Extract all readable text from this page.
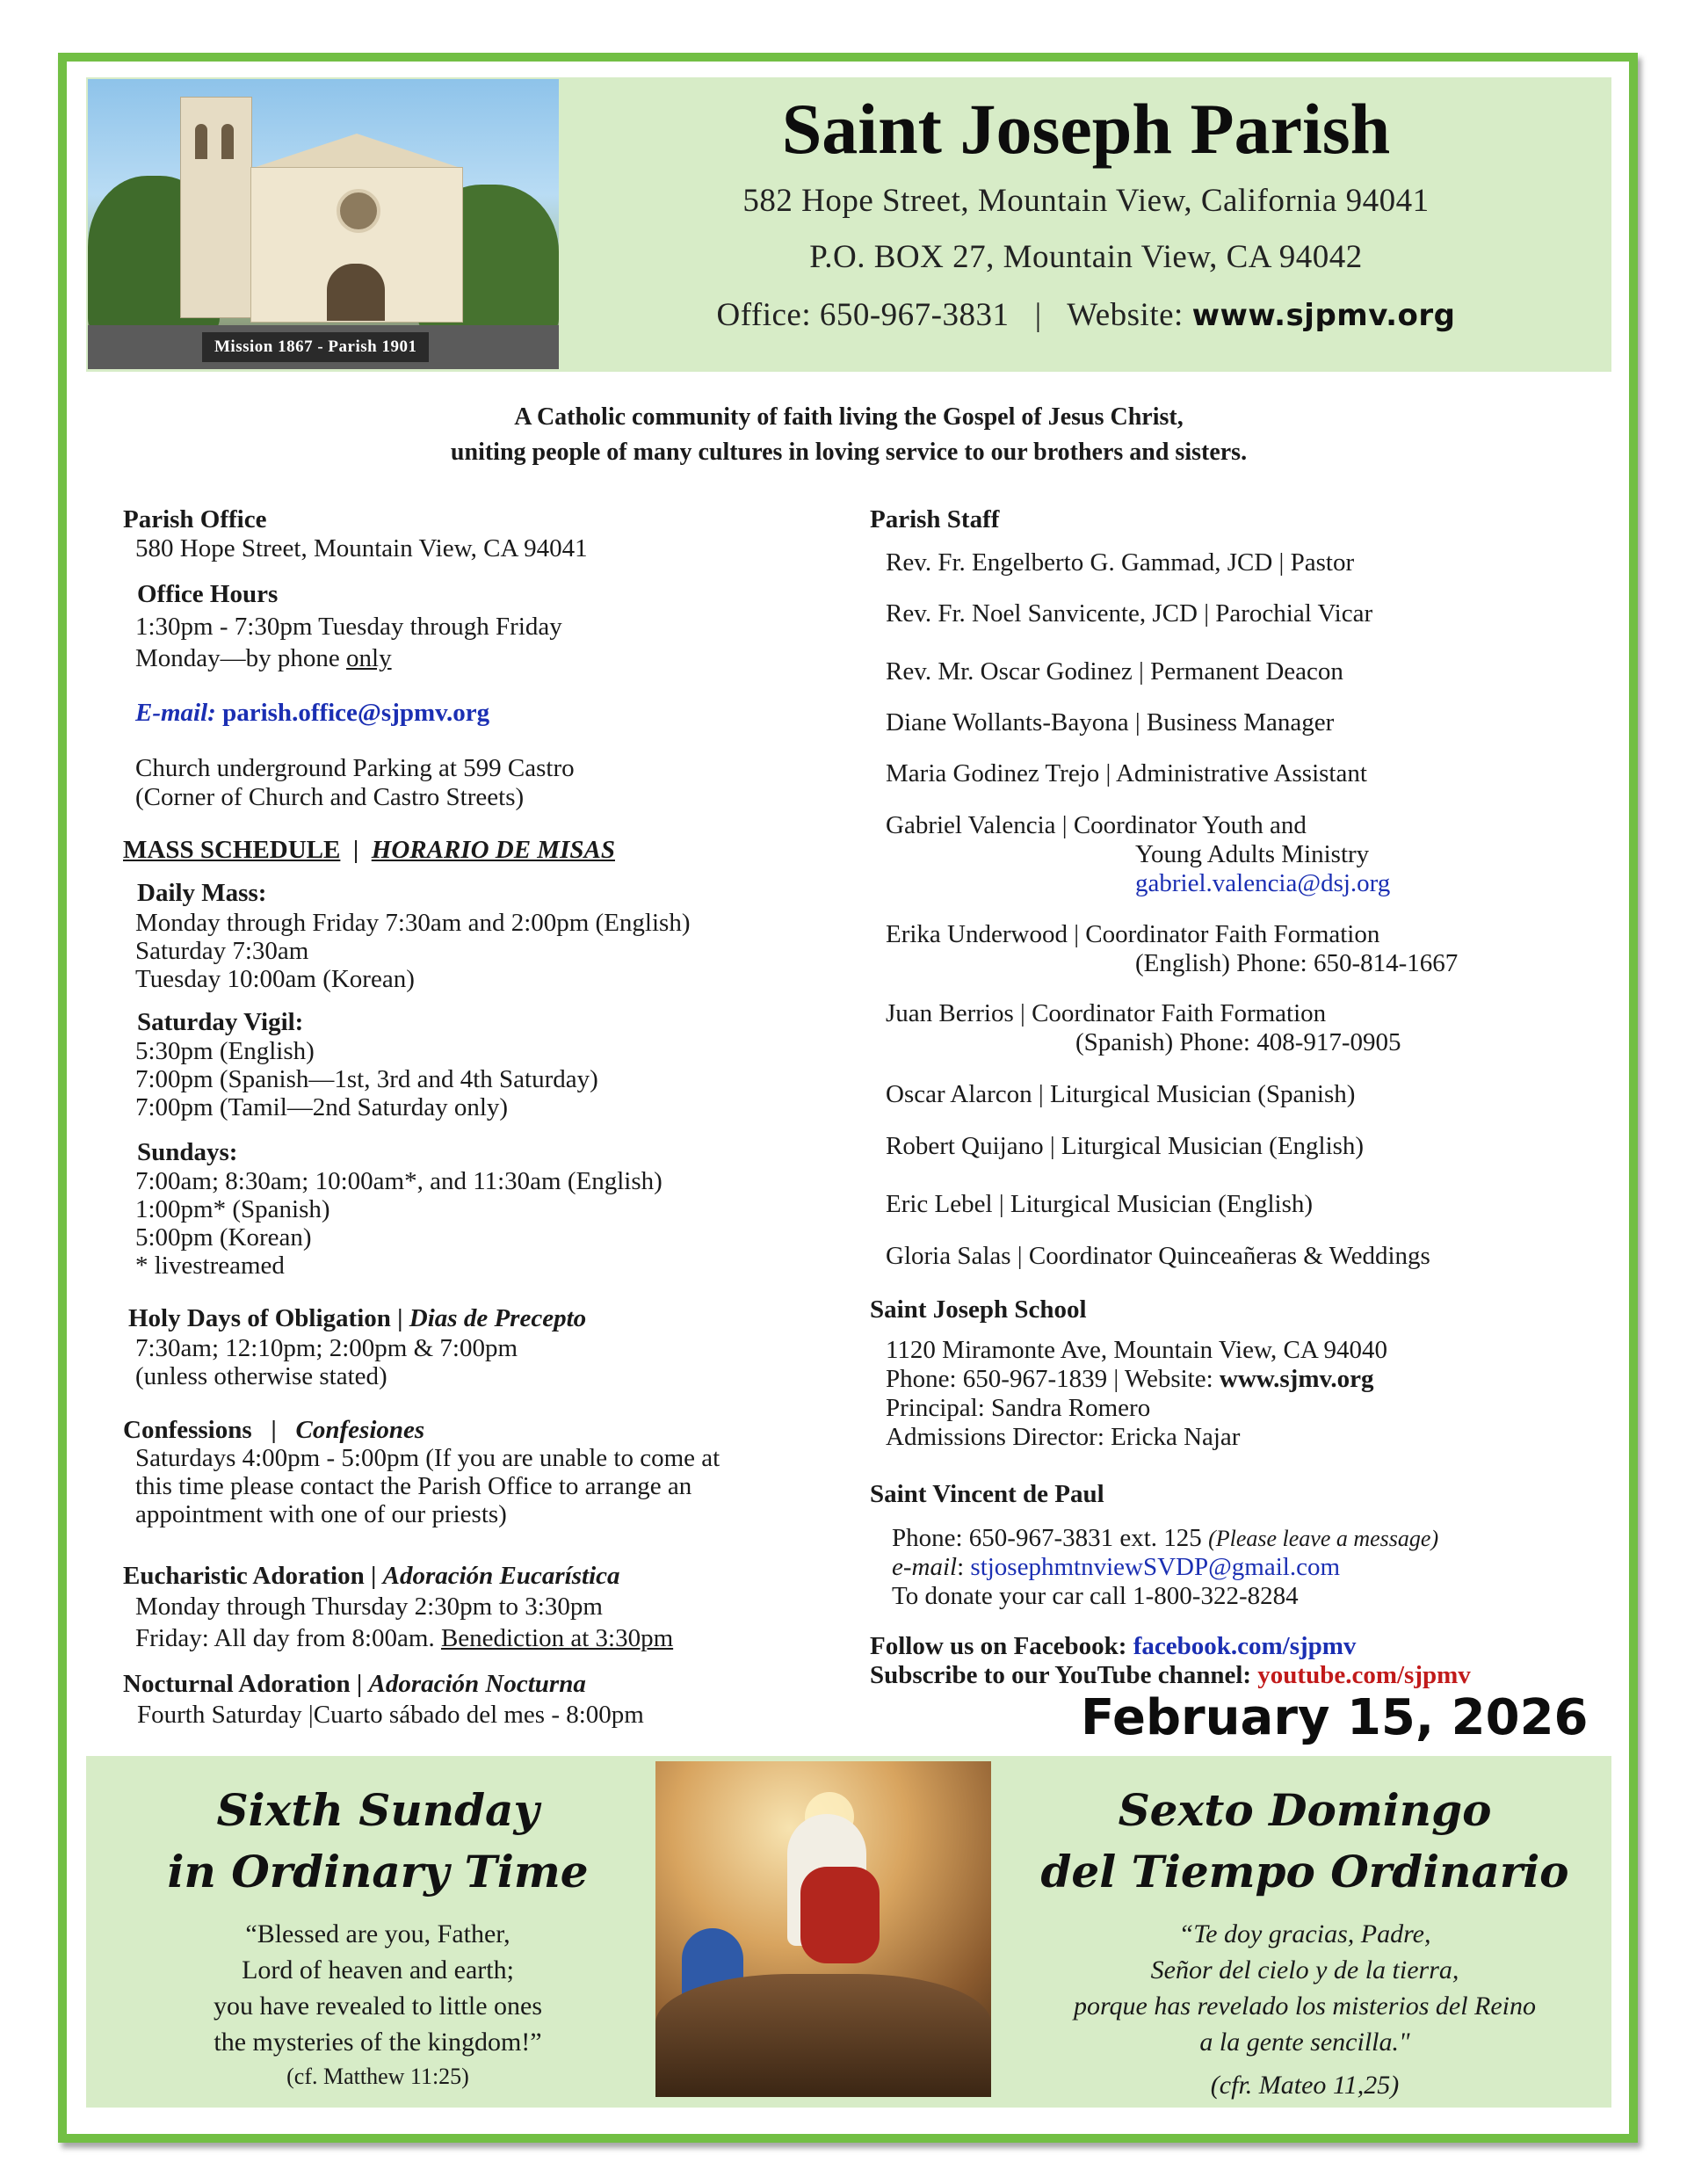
Mission 1867 - Parish 1901
Saint Joseph Parish
582 Hope Street, Mountain View, California 94041
P.O. BOX 27, Mountain View, CA 94042
Office: 650-967-3831 | Website: www.sjpmv.org
A Catholic community of faith living the Gospel of Jesus Christ,
uniting people of many cultures in loving service to our brothers and sisters.
Parish Office
580 Hope Street, Mountain View, CA 94041
Office Hours
1:30pm - 7:30pm Tuesday through Friday
Monday—by phone only
E-mail: parish.office@sjpmv.org
Church underground Parking at 599 Castro
(Corner of Church and Castro Streets)
MASS SCHEDULE | HORARIO DE MISAS
Daily Mass:
Monday through Friday 7:30am and 2:00pm (English)
Saturday 7:30am
Tuesday 10:00am (Korean)
Saturday Vigil:
5:30pm (English)
7:00pm (Spanish—1st, 3rd and 4th Saturday)
7:00pm (Tamil—2nd Saturday only)
Sundays:
7:00am; 8:30am; 10:00am*, and 11:30am (English)
1:00pm* (Spanish)
5:00pm (Korean)
* livestreamed
Holy Days of Obligation | Dias de Precepto
7:30am; 12:10pm; 2:00pm & 7:00pm
(unless otherwise stated)
Confessions | Confesiones
Saturdays 4:00pm - 5:00pm (If you are unable to come at
this time please contact the Parish Office to arrange an
appointment with one of our priests)
Eucharistic Adoration | Adoración Eucarística
Monday through Thursday 2:30pm to 3:30pm
Friday: All day from 8:00am. Benediction at 3:30pm
Nocturnal Adoration | Adoración Nocturna
Fourth Saturday |Cuarto sábado del mes - 8:00pm
Parish Staff
Rev. Fr. Engelberto G. Gammad, JCD | Pastor
Rev. Fr. Noel Sanvicente, JCD | Parochial Vicar
Rev. Mr. Oscar Godinez | Permanent Deacon
Diane Wollants-Bayona | Business Manager
Maria Godinez Trejo | Administrative Assistant
Gabriel Valencia | Coordinator Youth and
Young Adults Ministry
gabriel.valencia@dsj.org
Erika Underwood | Coordinator Faith Formation
(English) Phone: 650-814-1667
Juan Berrios | Coordinator Faith Formation
(Spanish) Phone: 408-917-0905
Oscar Alarcon | Liturgical Musician (Spanish)
Robert Quijano | Liturgical Musician (English)
Eric Lebel | Liturgical Musician (English)
Gloria Salas | Coordinator Quinceañeras & Weddings
Saint Joseph School
1120 Miramonte Ave, Mountain View, CA 94040
Phone: 650-967-1839 | Website: www.sjmv.org
Principal: Sandra Romero
Admissions Director: Ericka Najar
Saint Vincent de Paul
Phone: 650-967-3831 ext. 125 (Please leave a message)
e-mail: stjosephmtnviewSVDP@gmail.com
To donate your car call 1-800-322-8284
Follow us on Facebook: facebook.com/sjpmv
Subscribe to our YouTube channel: youtube.com/sjpmv
February 15, 2026
Sixth Sunday
in Ordinary Time
“Blessed are you, Father,
Lord of heaven and earth;
you have revealed to little ones
the mysteries of the kingdom!”
(cf. Matthew 11:25)
Sexto Domingo
del Tiempo Ordinario
“Te doy gracias, Padre,
Señor del cielo y de la tierra,
porque has revelado los misterios del Reino
a la gente sencilla."
(cfr. Mateo 11,25)
